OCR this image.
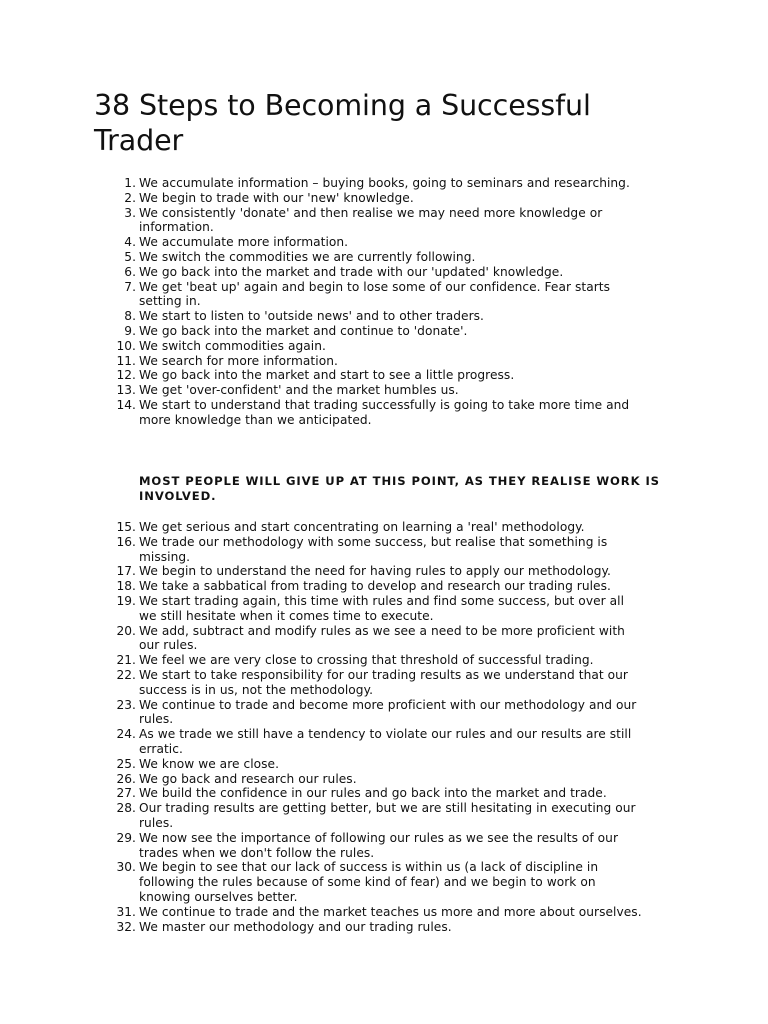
38 Steps to Becoming a Successful
Trader
1. We accumulate information – buying books, going to seminars and researching.
2. We begin to trade with our 'new' knowledge.
3. We consistently 'donate' and then realise we may need more knowledge or
information.
4. We accumulate more information.
5. We switch the commodities we are currently following.
6. We go back into the market and trade with our 'updated' knowledge.
7. We get 'beat up' again and begin to lose some of our confidence. Fear starts
setting in.
8. We start to listen to 'outside news' and to other traders.
9. We go back into the market and continue to 'donate'.
10. We switch commodities again.
11. We search for more information.
12. We go back into the market and start to see a little progress.
13. We get 'over-confident' and the market humbles us.
14. We start to understand that trading successfully is going to take more time and
more knowledge than we anticipated.

MOST PEOPLE WILL GIVE UP AT THIS POINT, AS THEY REALISE WORK IS
INVOLVED.

15. We get serious and start concentrating on learning a 'real' methodology.
16. We trade our methodology with some success, but realise that something is
missing.
17. We begin to understand the need for having rules to apply our methodology.
18. We take a sabbatical from trading to develop and research our trading rules.
19. We start trading again, this time with rules and find some success, but over all
we still hesitate when it comes time to execute.
20. We add, subtract and modify rules as we see a need to be more proficient with
our rules.
21. We feel we are very close to crossing that threshold of successful trading.
22. We start to take responsibility for our trading results as we understand that our
success is in us, not the methodology.
23. We continue to trade and become more proficient with our methodology and our
rules.
24. As we trade we still have a tendency to violate our rules and our results are still
erratic.
25. We know we are close.
26. We go back and research our rules.
27. We build the confidence in our rules and go back into the market and trade.
28. Our trading results are getting better, but we are still hesitating in executing our
rules.
29. We now see the importance of following our rules as we see the results of our
trades when we don't follow the rules.
30. We begin to see that our lack of success is within us (a lack of discipline in
following the rules because of some kind of fear) and we begin to work on
knowing ourselves better.
31. We continue to trade and the market teaches us more and more about ourselves.
32. We master our methodology and our trading rules.
